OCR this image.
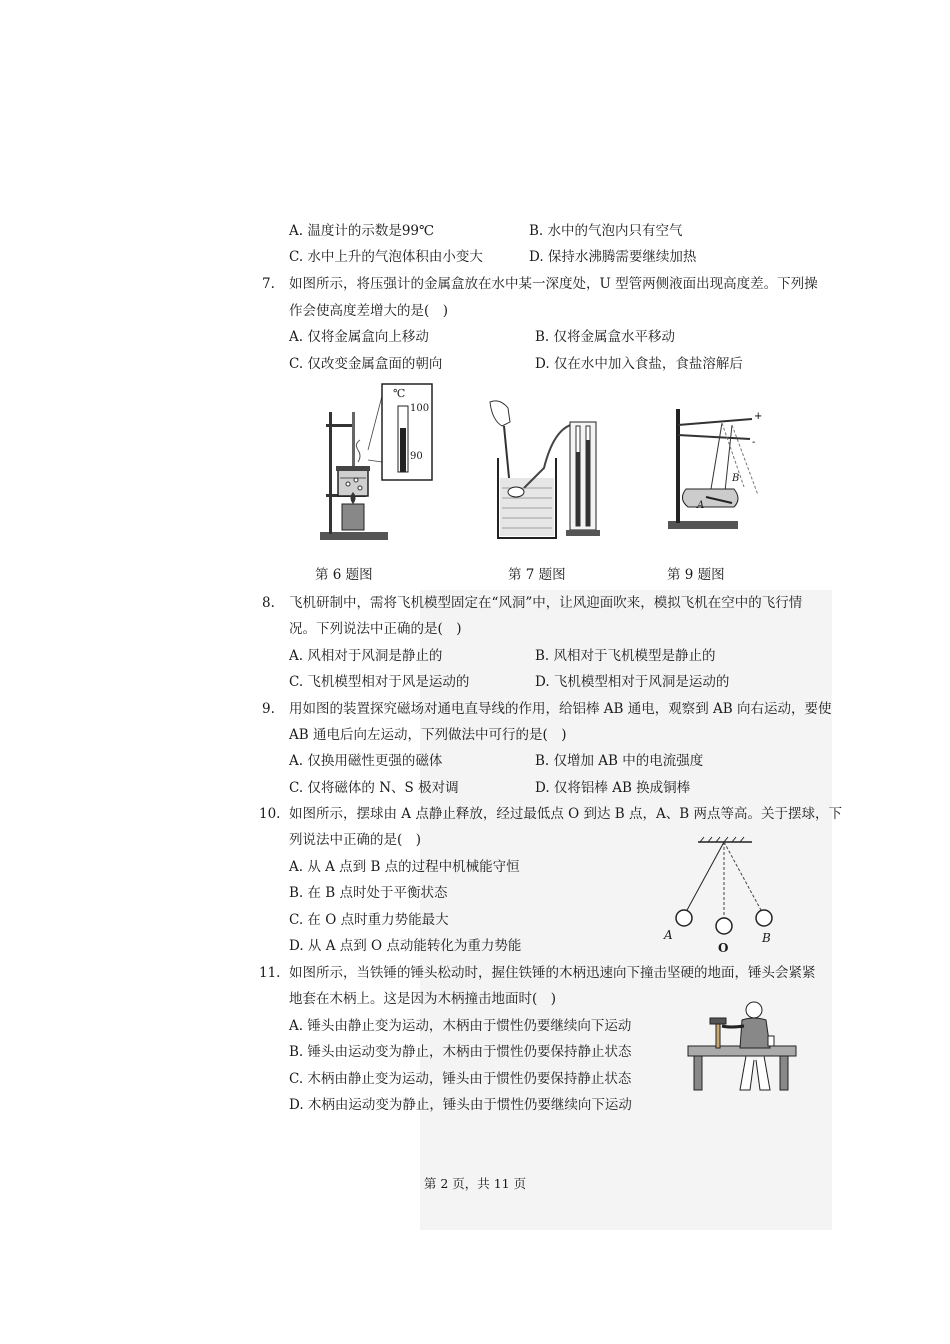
A. 温度计的示数是99℃	B. 水中的气泡内只有空气
C. 水中上升的气泡体积由小变大	D. 保持水沸腾需要继续加热
7. 如图所示，将压强计的金属盒放在水中某一深度处，U 型管两侧液面出现高度差。下列操
作会使高度差增大的是(　)
A. 仅将金属盒向上移动	B. 仅将金属盒水平移动
C. 仅改变金属盒面的朝向	D. 仅在水中加入食盐，食盐溶解后
℃
100
90
+
-
A
B
第 6 题图	第 7 题图	第 9 题图
8. 飞机研制中，需将飞机模型固定在“风洞”中，让风迎面吹来，模拟飞机在空中的飞行情
况。下列说法中正确的是(　)
A. 风相对于风洞是静止的	B. 风相对于飞机模型是静止的
C. 飞机模型相对于风是运动的	D. 飞机模型相对于风洞是运动的
9. 用如图的装置探究磁场对通电直导线的作用，给铝棒 AB 通电，观察到 AB 向右运动，要使
AB 通电后向左运动，下列做法中可行的是(　)
A. 仅换用磁性更强的磁体	B. 仅增加 AB 中的电流强度
C. 仅将磁体的 N、S 极对调	D. 仅将铝棒 AB 换成铜棒
10. 如图所示，摆球由 A 点静止释放，经过最低点 O 到达 B 点，A、B 两点等高。关于摆球，下
列说法中正确的是(　)
A. 从 A 点到 B 点的过程中机械能守恒
B. 在 B 点时处于平衡状态
C. 在 O 点时重力势能最大
D. 从 A 点到 O 点动能转化为重力势能
A
O
B
11. 如图所示，当铁锤的锤头松动时，握住铁锤的木柄迅速向下撞击坚硬的地面，锤头会紧紧
地套在木柄上。这是因为木柄撞击地面时(　)
A. 锤头由静止变为运动，木柄由于惯性仍要继续向下运动
B. 锤头由运动变为静止，木柄由于惯性仍要保持静止状态
C. 木柄由静止变为运动，锤头由于惯性仍要保持静止状态
D. 木柄由运动变为静止，锤头由于惯性仍要继续向下运动
第 2 页，共 11 页
